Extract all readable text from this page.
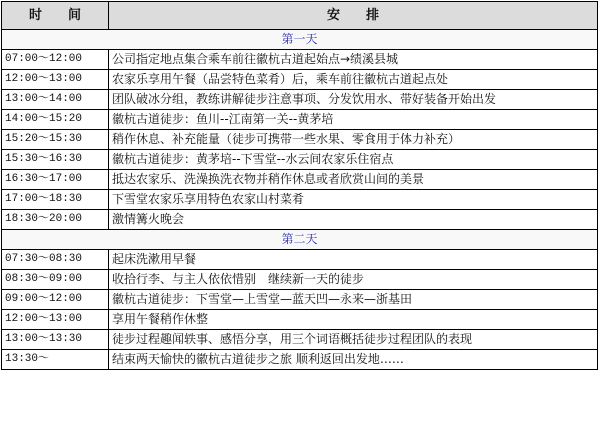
时　　间	安　　排
第一天	
07:00～12:00	公司指定地点集合乘车前往徽杭古道起始点→绩溪县城
12:00～13:00	农家乐享用午餐（品尝特色菜肴）后，乘车前往徽杭古道起点处
13:00～14:00	团队破冰分组，教练讲解徒步注意事项、分发饮用水、带好装备开始出发
14:00～15:20	徽杭古道徒步：鱼川--江南第一关--黄茅培
15:20～15:30	稍作休息、补充能量（徒步可携带一些水果、零食用于体力补充）
15:30～16:30	徽杭古道徒步：黄茅培--下雪堂--水云间农家乐住宿点
16:30～17:00	抵达农家乐、洗澡换洗衣物并稍作休息或者欣赏山间的美景
17:00～18:30	下雪堂农家乐享用特色农家山村菜肴
18:30～20:00	激情篝火晚会
第二天	
07:30～08:30	起床洗漱用早餐
08:30～09:00	收拾行李、与主人依依惜别　继续新一天的徒步
09:00～12:00	徽杭古道徒步：下雪堂—上雪堂—蓝天凹—永来—浙基田
12:00～13:00	享用午餐稍作休整
13:00～13:30	徒步过程趣闻轶事、感悟分享，用三个词语概括徒步过程团队的表现
13:30～	结束两天愉快的徽杭古道徒步之旅 顺利返回出发地……
